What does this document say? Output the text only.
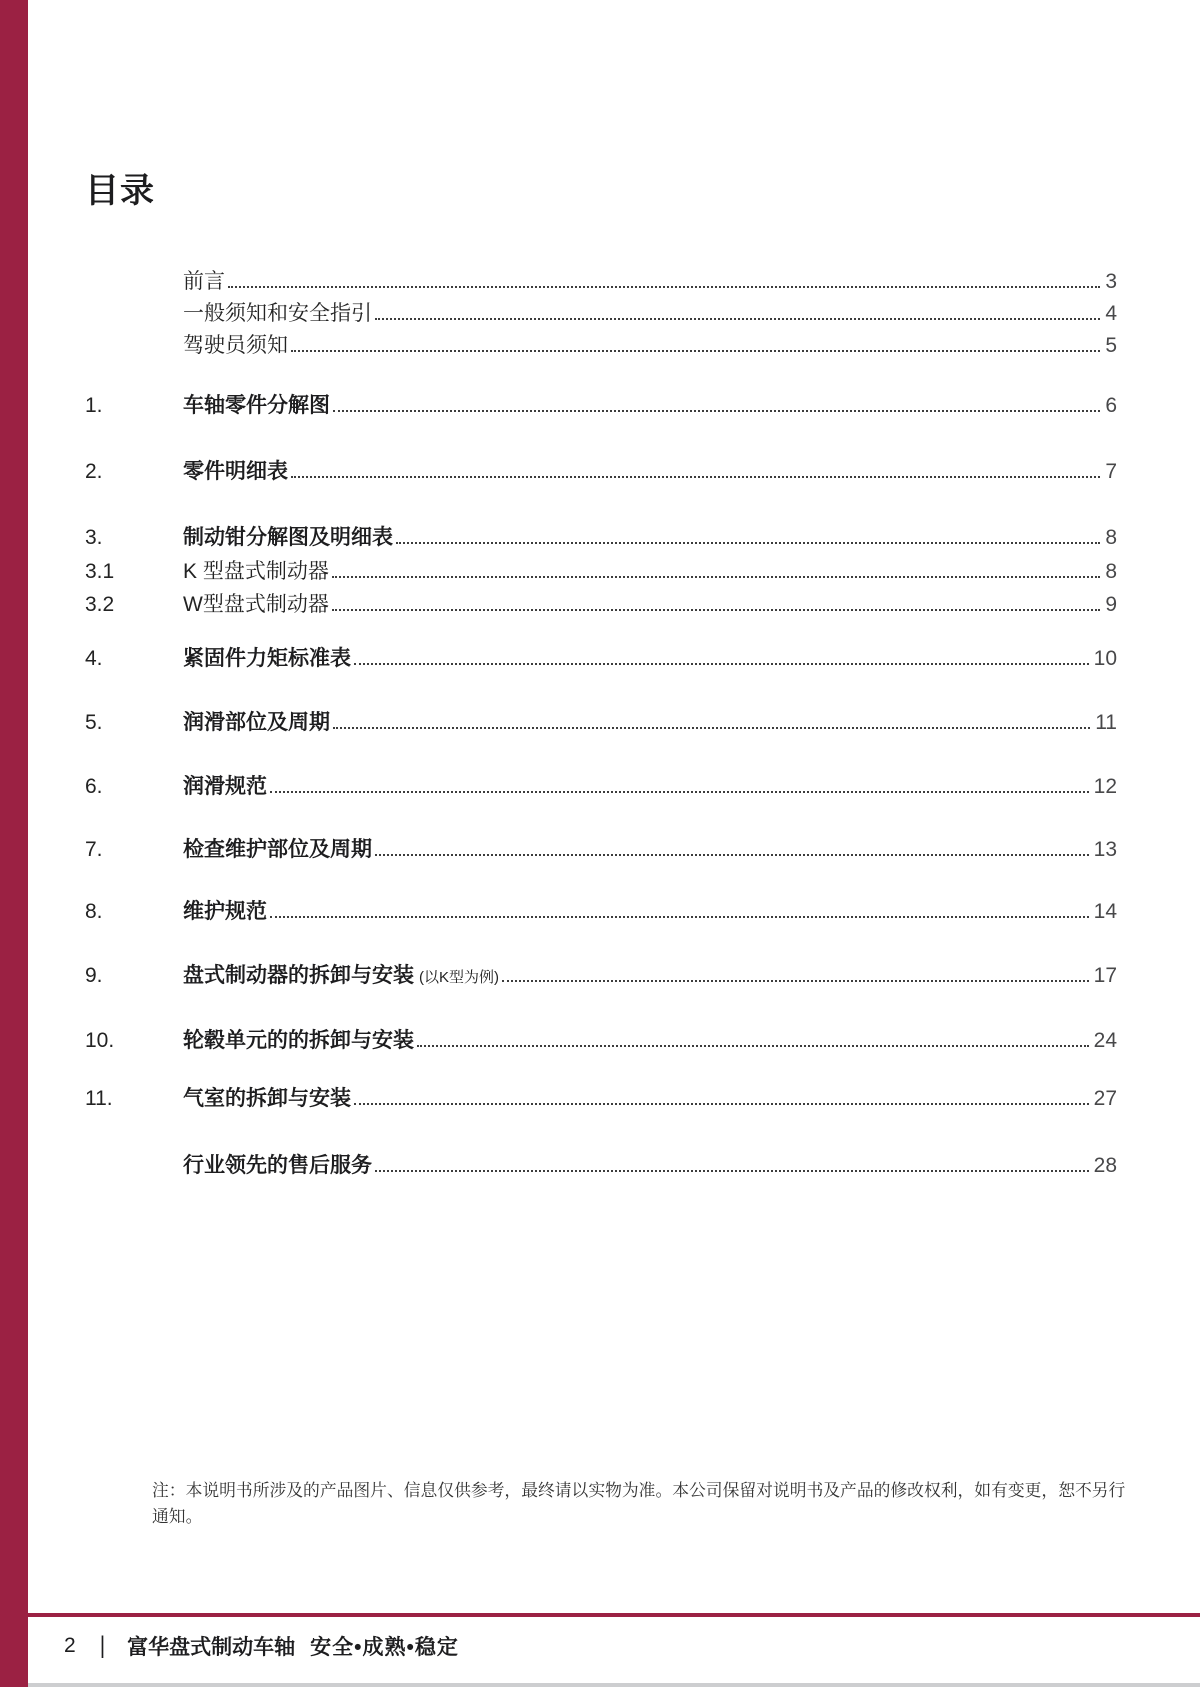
目录
前言	3
一般须知和安全指引	4
驾驶员须知	5
1.	车轴零件分解图	6
2.	零件明细表	7
3.	制动钳分解图及明细表	8
3.1	K 型盘式制动器	8
3.2	W型盘式制动器	9
4.	紧固件力矩标准表	10
5.	润滑部位及周期	11
6.	润滑规范	12
7.	检查维护部位及周期	13
8.	维护规范	14
9.	盘式制动器的拆卸与安装 (以K型为例)	17
10.	轮毂单元的的拆卸与安装	24
11.	气室的拆卸与安装	27
行业领先的售后服务	28

注：本说明书所涉及的产品图片、信息仅供参考，最终请以实物为准。本公司保留对说明书及产品的修改权利，如有变更，恕不另行通知。

2 | 富华盘式制动车轴 安全•成熟•稳定
